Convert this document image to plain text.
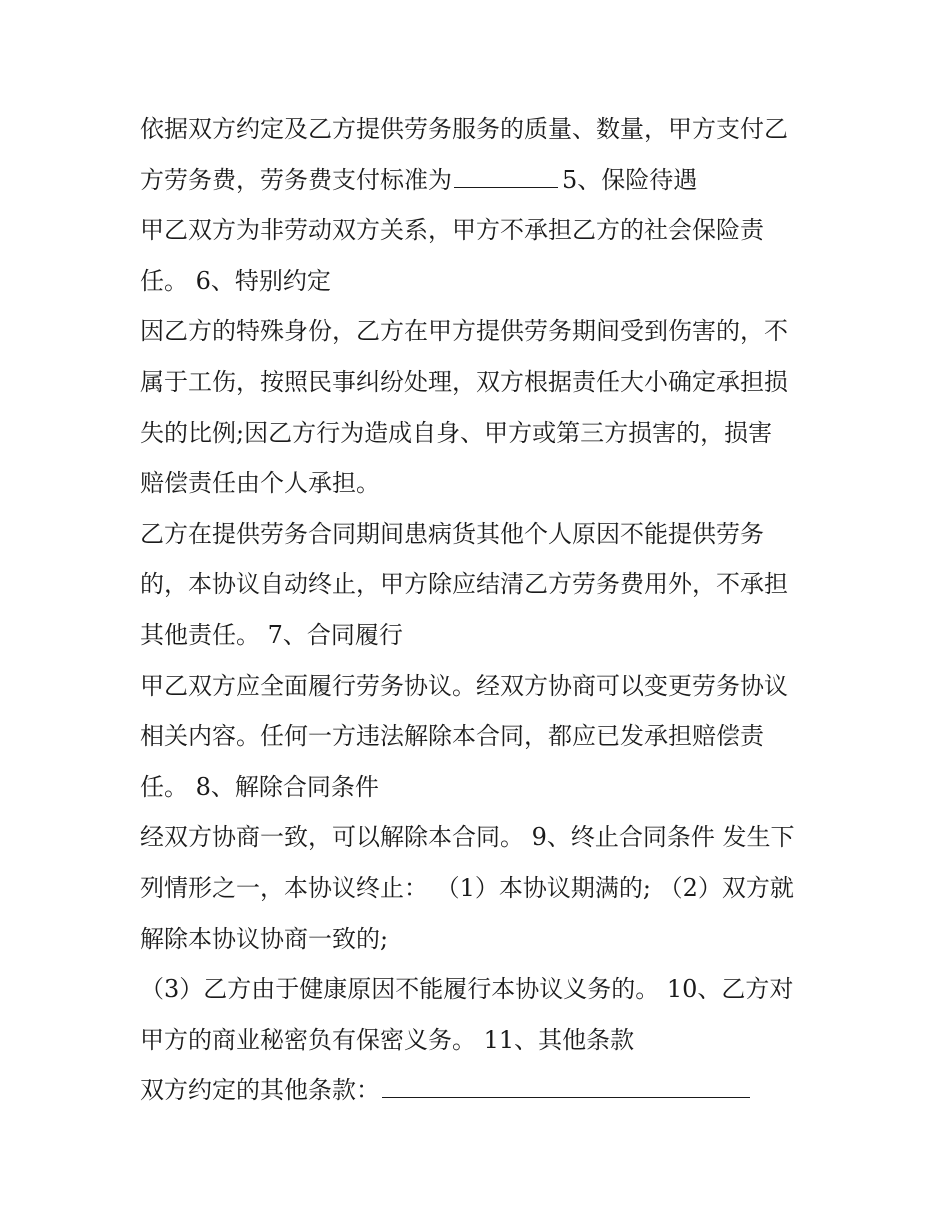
依据双方约定及乙方提供劳务服务的质量、数量，甲方支付乙
方劳务费，劳务费支付标准为	5、保险待遇
甲乙双方为非劳动双方关系，甲方不承担乙方的社会保险责
任。 6、特别约定
因乙方的特殊身份，乙方在甲方提供劳务期间受到伤害的，不
属于工伤，按照民事纠纷处理，双方根据责任大小确定承担损
失的比例;因乙方行为造成自身、甲方或第三方损害的，损害
赔偿责任由个人承担。
乙方在提供劳务合同期间患病货其他个人原因不能提供劳务
的，本协议自动终止，甲方除应结清乙方劳务费用外，不承担
其他责任。 7、合同履行
甲乙双方应全面履行劳务协议。经双方协商可以变更劳务协议
相关内容。任何一方违法解除本合同，都应已发承担赔偿责
任。 8、解除合同条件
经双方协商一致，可以解除本合同。 9、终止合同条件 发生下
列情形之一，本协议终止： （1）本协议期满的; （2）双方就
解除本协议协商一致的;
（3）乙方由于健康原因不能履行本协议义务的。 10、乙方对
甲方的商业秘密负有保密义务。 11、其他条款
双方约定的其他条款：
